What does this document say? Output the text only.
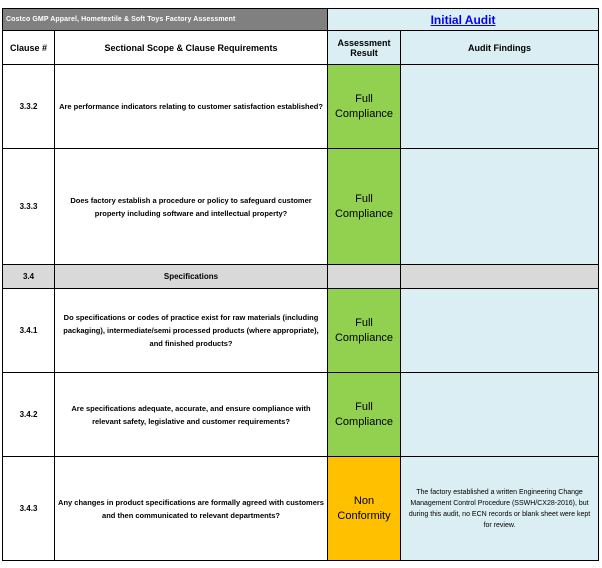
Costco GMP Apparel, Hometextile & Soft Toys Factory Assessment		Initial Audit	
Clause #	Sectional Scope & Clause Requirements	Assessment Result	Audit Findings
3.3.2	Are performance indicators relating to customer satisfaction established?	Full Compliance	
3.3.3	Does factory establish a procedure or policy to safeguard customer property including software and intellectual property?	Full Compliance	
3.4	Specifications		
3.4.1	Do specifications or codes of practice exist for raw materials (including packaging), intermediate/semi processed products (where appropriate), and finished products?	Full Compliance	
3.4.2	Are specifications adequate, accurate, and ensure compliance with relevant safety, legislative and customer requirements?	Full Compliance	
3.4.3	Any changes in product specifications are formally agreed with customers and then communicated to relevant departments?	Non Conformity	The factory established a written Engineering Change Management Control Procedure (SSWH/CX28-2016), but during this audit, no ECN records or blank sheet were kept for review.
